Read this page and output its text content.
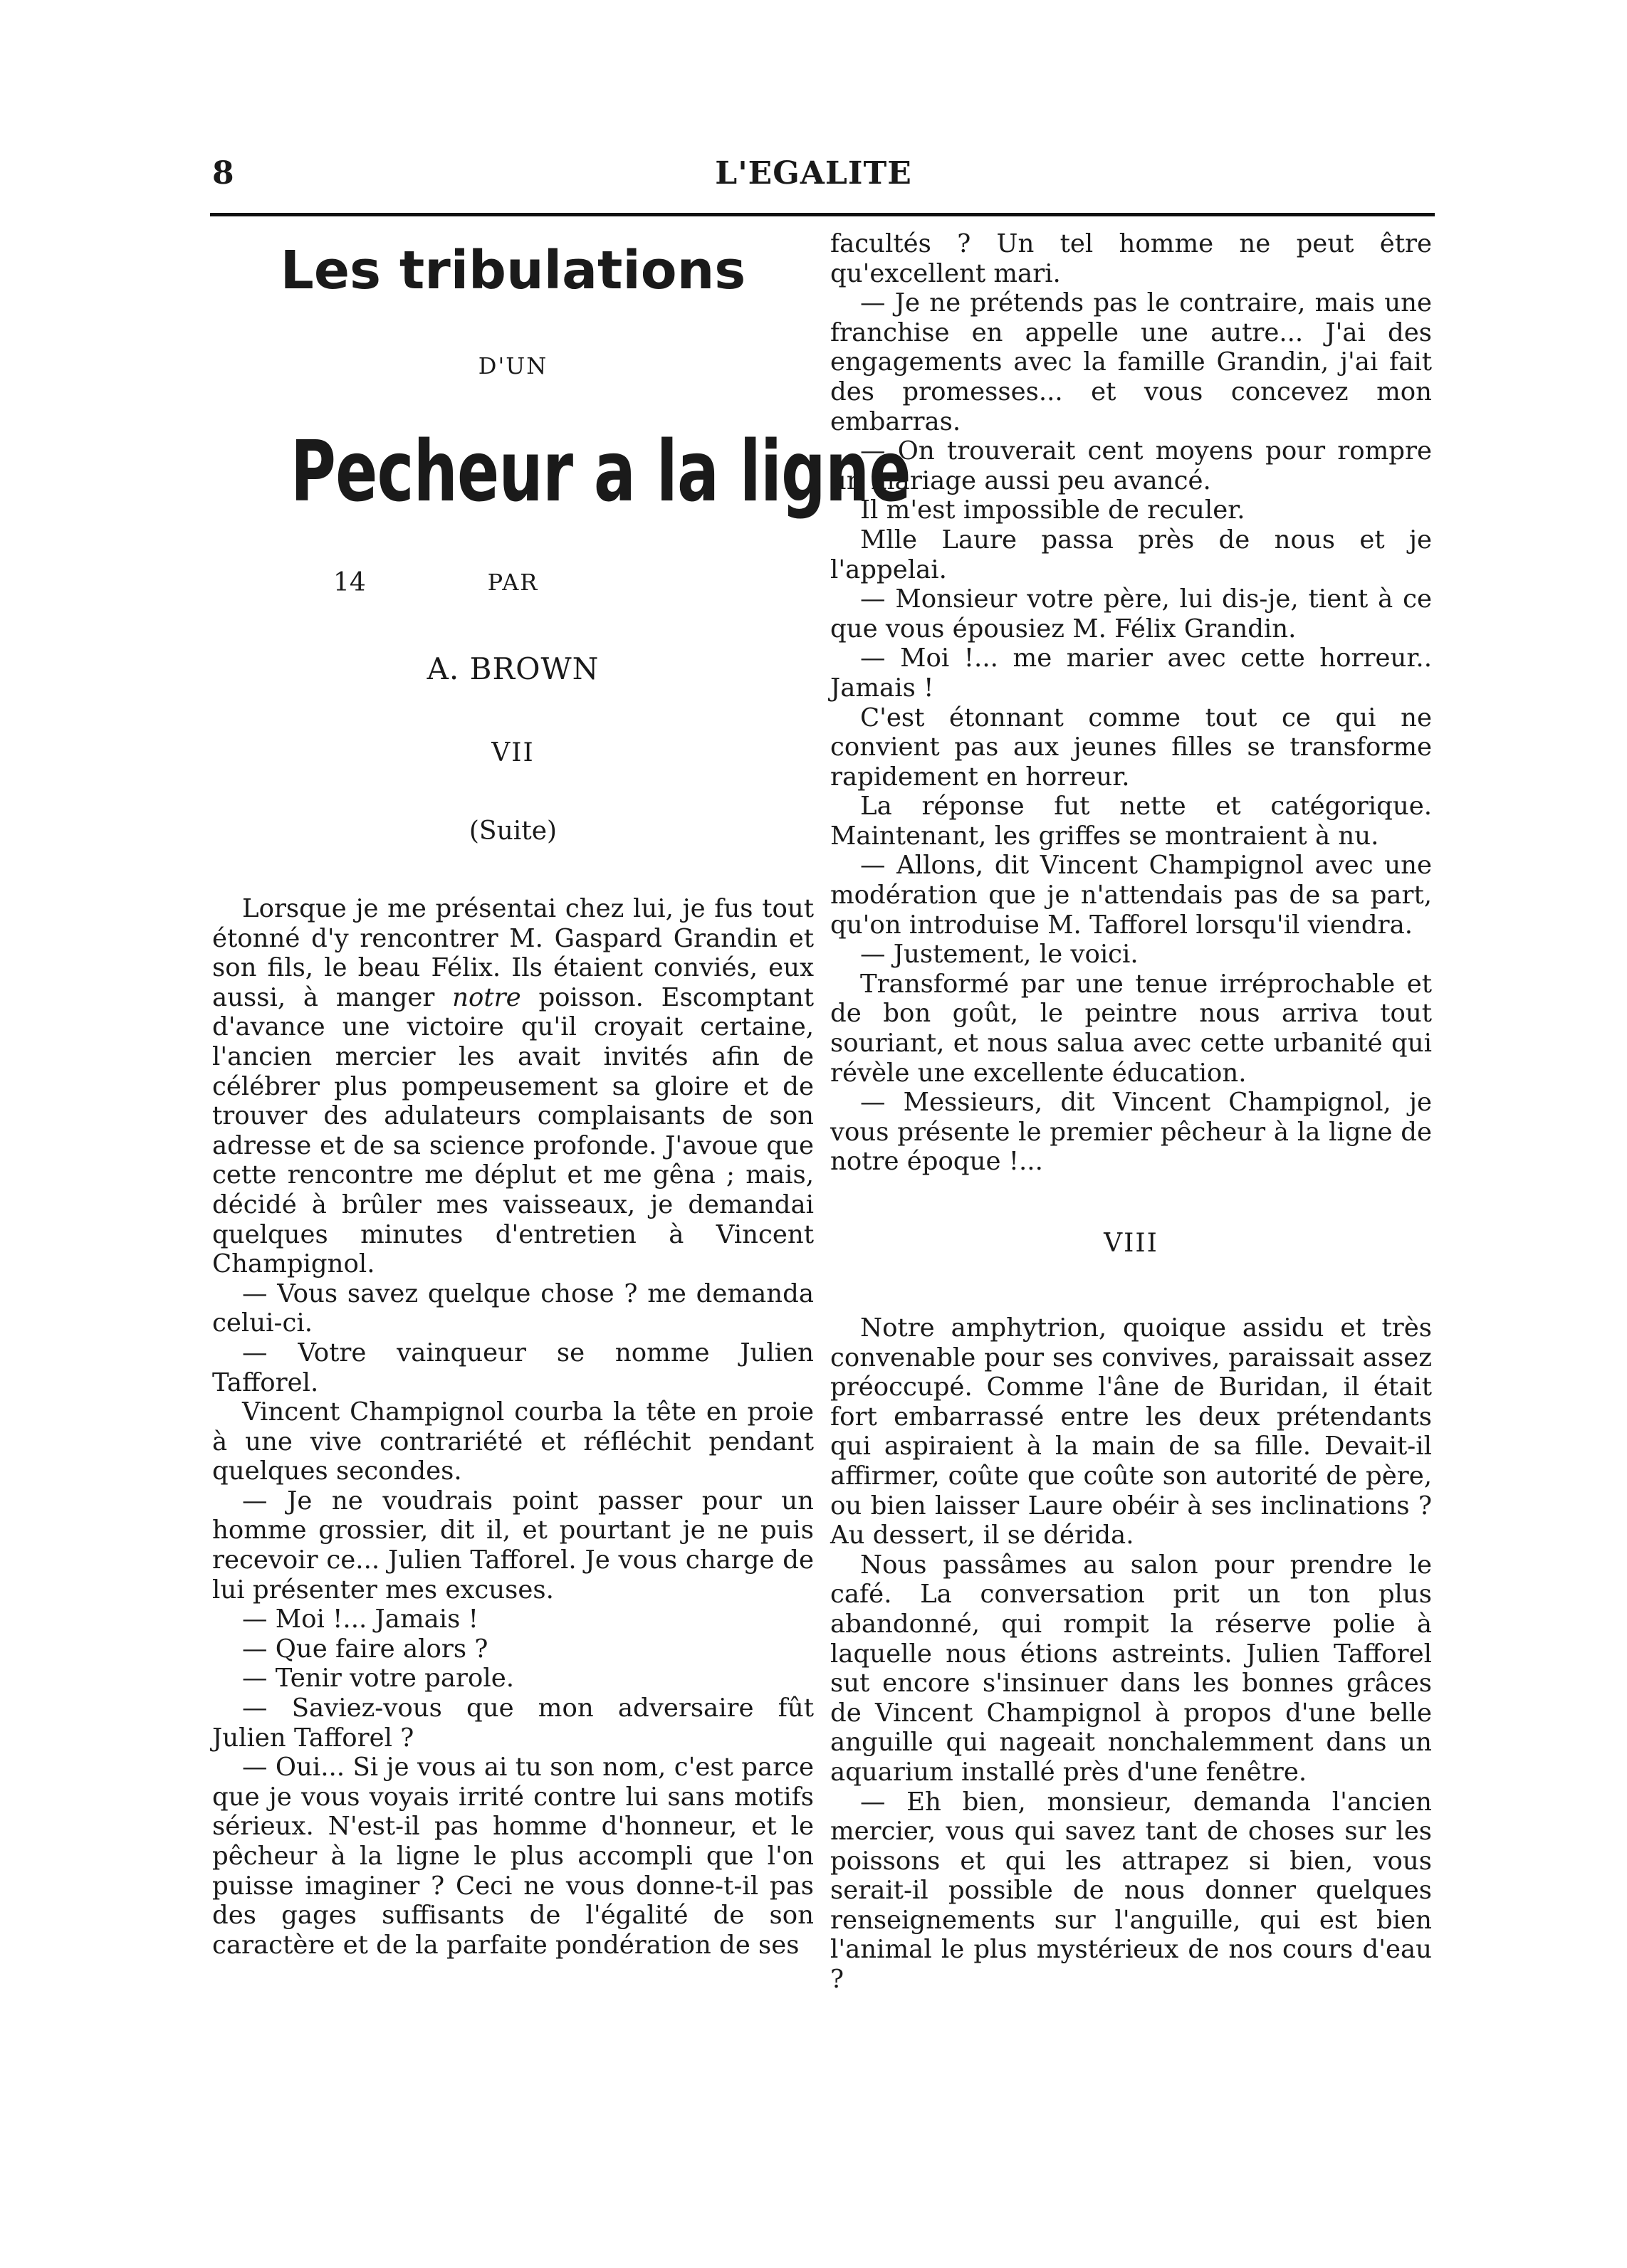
8	L'EGALITE
Les tribulations
D'UN
Pecheur a la ligne
14	PAR
A. BROWN
VII
(Suite)

Lorsque je me présentai chez lui, je fus tout étonné d'y rencontrer M. Gaspard Grandin et son fils, le beau Félix. Ils étaient conviés, eux aussi, à manger notre poisson. Escomptant d'avance une victoire qu'il croyait certaine, l'ancien mercier les avait invités afin de célébrer plus pompeusement sa gloire et de trouver des adulateurs complaisants de son adresse et de sa science profonde. J'avoue que cette rencontre me déplut et me gêna ; mais, décidé à brûler mes vaisseaux, je demandai quelques minutes d'entretien à Vincent Champignol.

— Vous savez quelque chose ? me demanda celui-ci.

— Votre vainqueur se nomme Julien Tafforel.

Vincent Champignol courba la tête en proie à une vive contrariété et réfléchit pendant quelques secondes.

— Je ne voudrais point passer pour un homme grossier, dit il, et pourtant je ne puis recevoir ce... Julien Tafforel. Je vous charge de lui présenter mes excuses.

— Moi !... Jamais !

— Que faire alors ?

— Tenir votre parole.

— Saviez-vous que mon adversaire fût Julien Tafforel ?

— Oui... Si je vous ai tu son nom, c'est parce que je vous voyais irrité contre lui sans motifs sérieux. N'est-il pas homme d'honneur, et le pêcheur à la ligne le plus accompli que l'on puisse imaginer ? Ceci ne vous donne-t-il pas des gages suffisants de l'égalité de son caractère et de la parfaite pondération de ses

facultés ? Un tel homme ne peut être qu'excellent mari.

— Je ne prétends pas le contraire, mais une franchise en appelle une autre... J'ai des engagements avec la famille Grandin, j'ai fait des promesses... et vous concevez mon embarras.

— On trouverait cent moyens pour rompre un mariage aussi peu avancé.

Il m'est impossible de reculer.

Mlle Laure passa près de nous et je l'appelai.

— Monsieur votre père, lui dis-je, tient à ce que vous épousiez M. Félix Grandin.

— Moi !... me marier avec cette horreur.. Jamais !

C'est étonnant comme tout ce qui ne convient pas aux jeunes filles se transforme rapidement en horreur.

La réponse fut nette et catégorique. Maintenant, les griffes se montraient à nu.

— Allons, dit Vincent Champignol avec une modération que je n'attendais pas de sa part, qu'on introduise M. Tafforel lorsqu'il viendra.

— Justement, le voici.

Transformé par une tenue irréprochable et de bon goût, le peintre nous arriva tout souriant, et nous salua avec cette urbanité qui révèle une excellente éducation.

— Messieurs, dit Vincent Champignol, je vous présente le premier pêcheur à la ligne de notre époque !...

VIII

Notre amphytrion, quoique assidu et très convenable pour ses convives, paraissait assez préoccupé. Comme l'âne de Buridan, il était fort embarrassé entre les deux prétendants qui aspiraient à la main de sa fille. Devait-il affirmer, coûte que coûte son autorité de père, ou bien laisser Laure obéir à ses inclinations ? Au dessert, il se dérida.

Nous passâmes au salon pour prendre le café. La conversation prit un ton plus abandonné, qui rompit la réserve polie à laquelle nous étions astreints. Julien Tafforel sut encore s'insinuer dans les bonnes grâces de Vincent Champignol à propos d'une belle anguille qui nageait nonchalemment dans un aquarium installé près d'une fenêtre.

— Eh bien, monsieur, demanda l'ancien mercier, vous qui savez tant de choses sur les poissons et qui les attrapez si bien, vous serait-il possible de nous donner quelques renseignements sur l'anguille, qui est bien l'animal le plus mystérieux de nos cours d'eau ?
